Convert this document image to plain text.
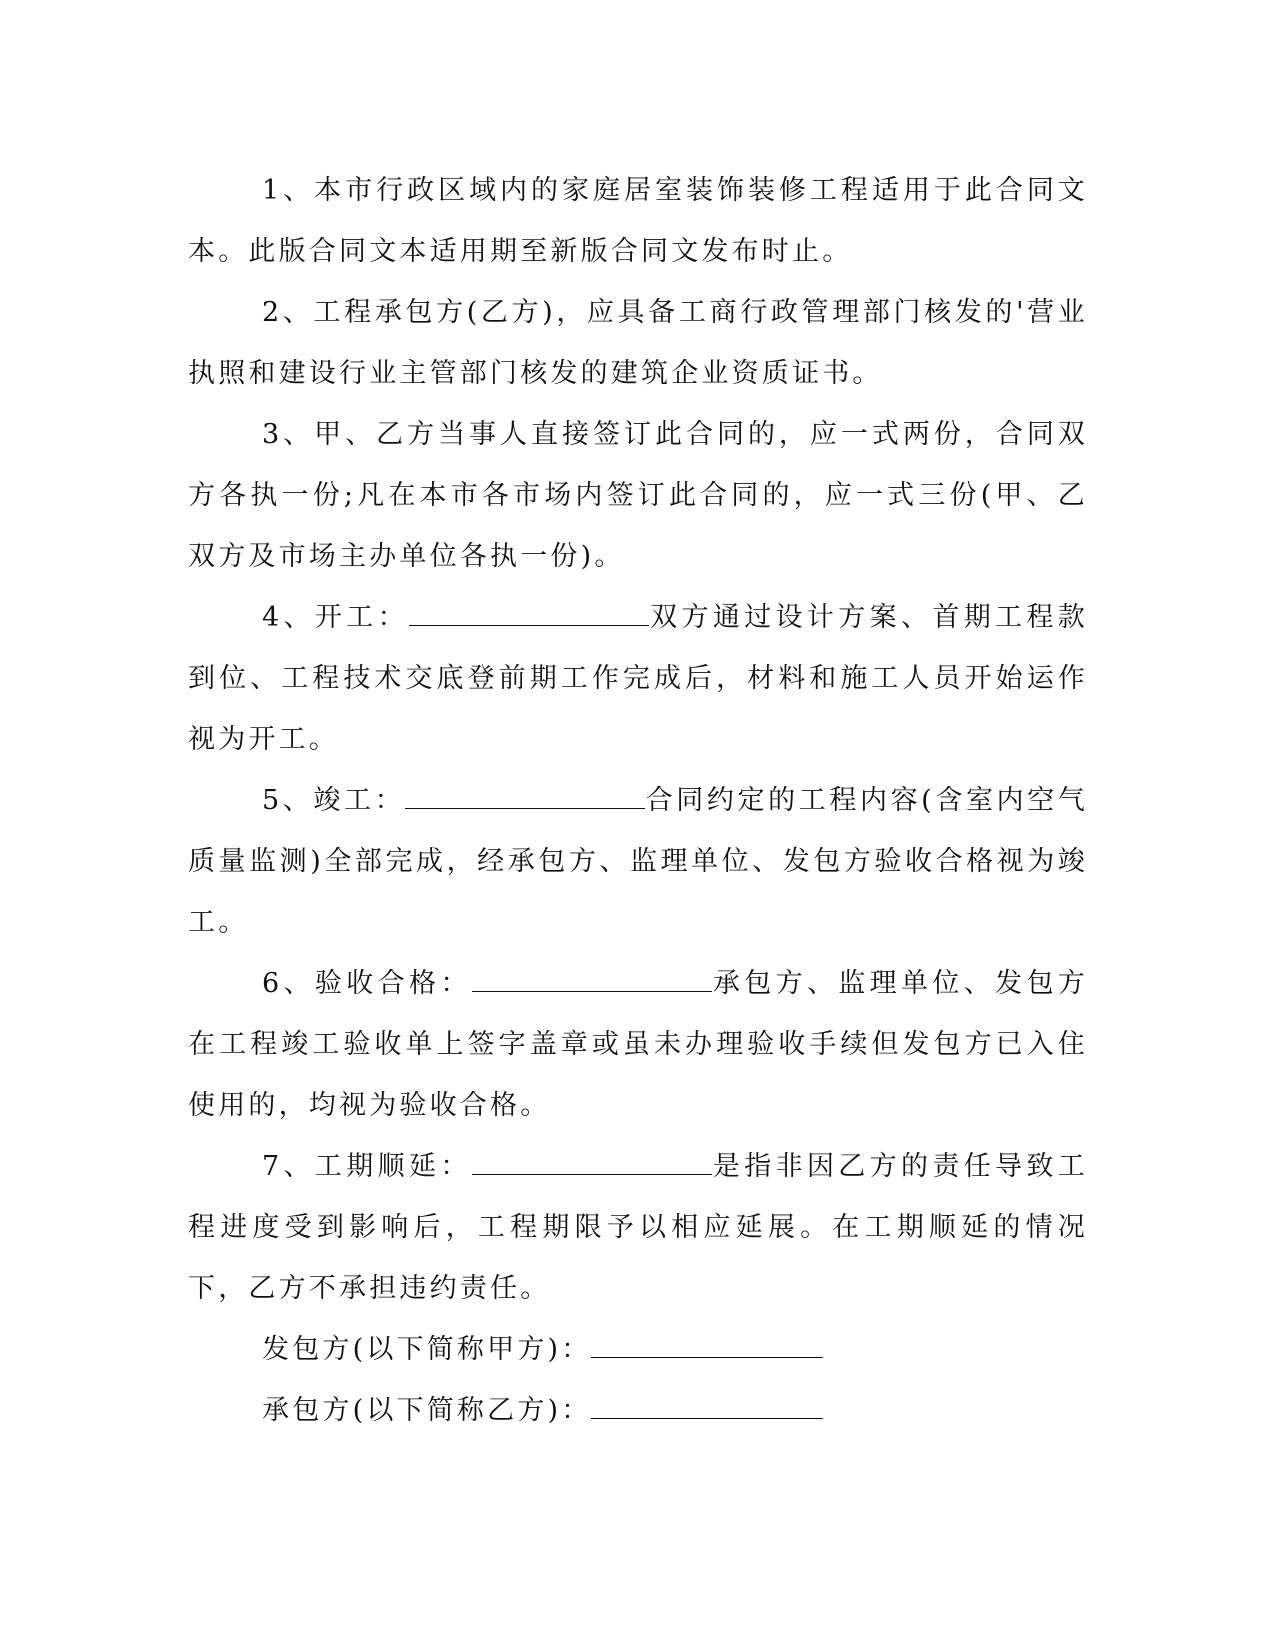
1、本市行政区域内的家庭居室装饰装修工程适用于此合同文本。此版合同文本适用期至新版合同文发布时止。

2、工程承包方(乙方)，应具备工商行政管理部门核发的'营业执照和建设行业主管部门核发的建筑企业资质证书。

3、甲、乙方当事人直接签订此合同的，应一式两份，合同双方各执一份;凡在本市各市场内签订此合同的，应一式三份(甲、乙双方及市场主办单位各执一份)。

4、开工：	双方通过设计方案、首期工程款到位、工程技术交底登前期工作完成后，材料和施工人员开始运作视为开工。

5、竣工：	合同约定的工程内容(含室内空气质量监测)全部完成，经承包方、监理单位、发包方验收合格视为竣工。

6、验收合格：	承包方、监理单位、发包方在工程竣工验收单上签字盖章或虽未办理验收手续但发包方已入住使用的，均视为验收合格。

7、工期顺延：	是指非因乙方的责任导致工程进度受到影响后，工程期限予以相应延展。在工期顺延的情况下，乙方不承担违约责任。

发包方(以下简称甲方)：

承包方(以下简称乙方)：
